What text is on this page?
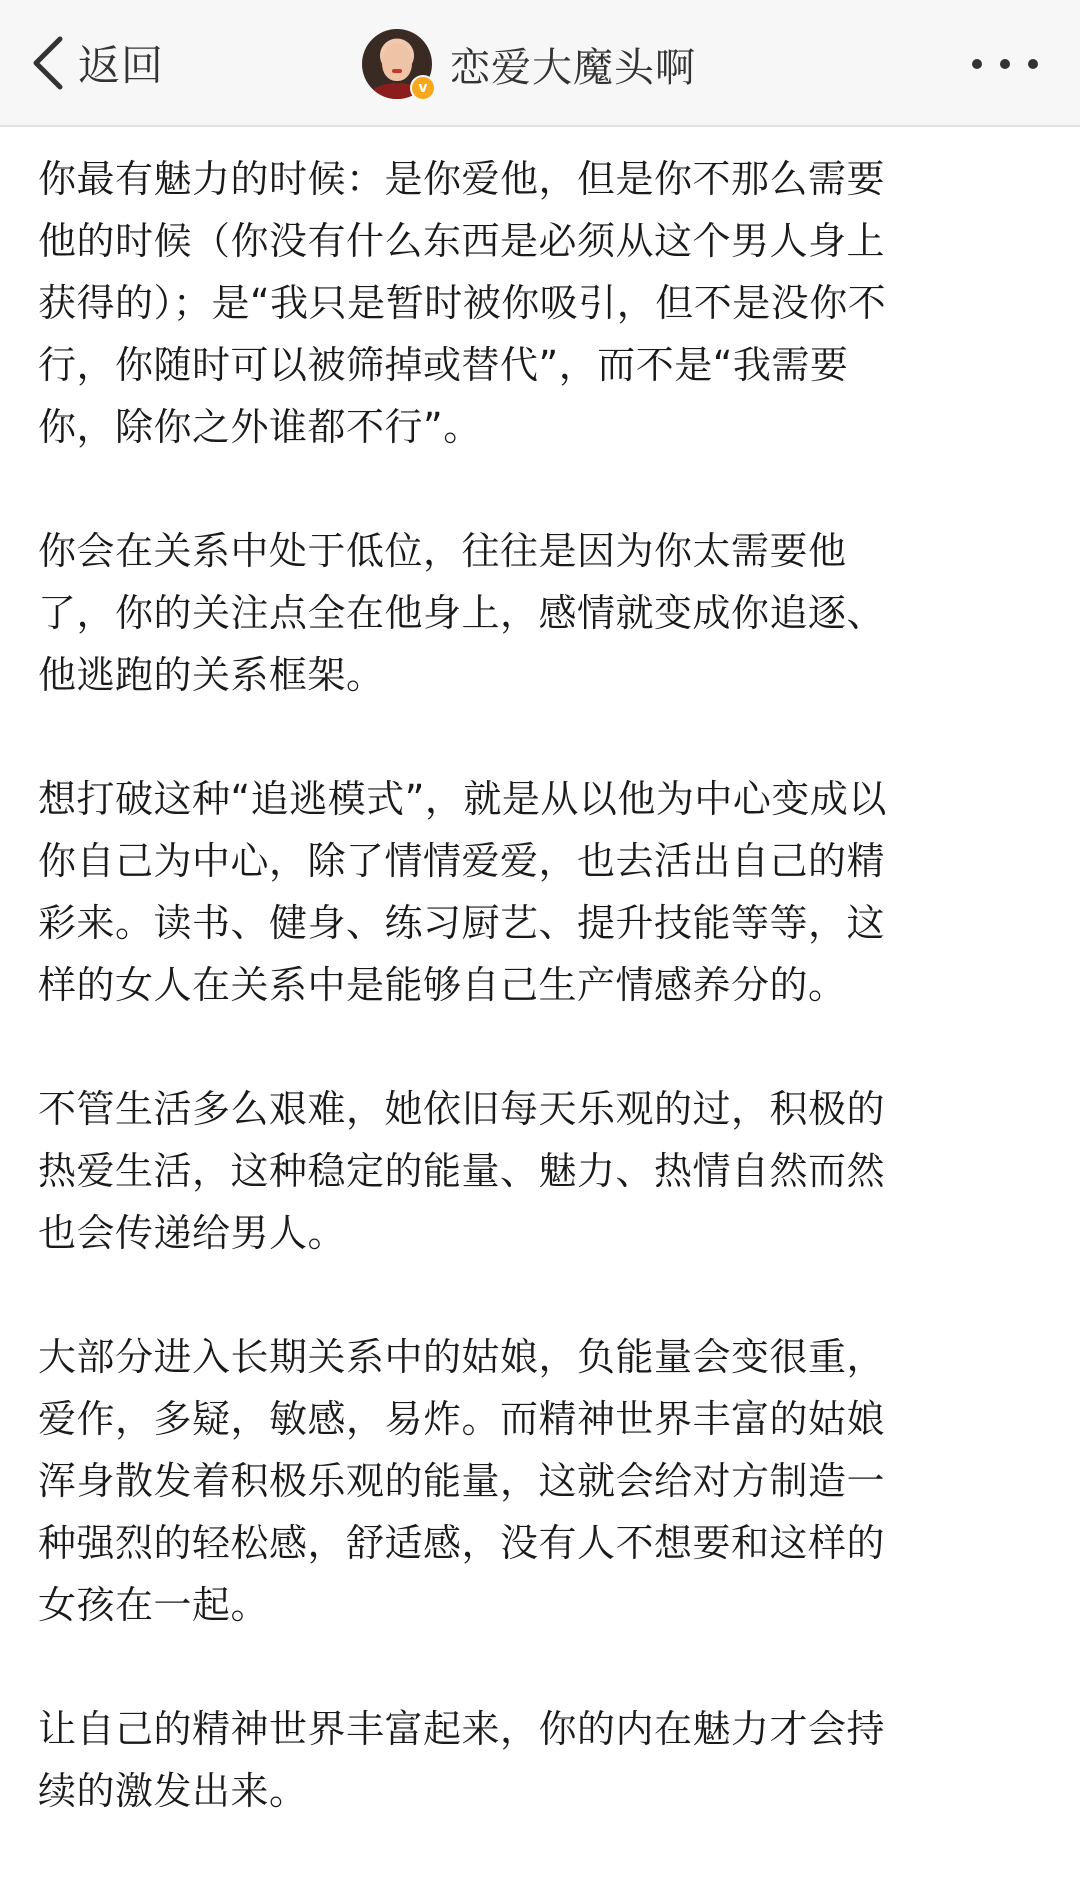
返回	v 恋爱大魔头啊
你最有魅力的时候：是你爱他，但是你不那么需要
他的时候（你没有什么东西是必须从这个男人身上
获得的）；是“我只是暂时被你吸引，但不是没你不
行，你随时可以被筛掉或替代”，而不是“我需要
你，除你之外谁都不行”。
你会在关系中处于低位，往往是因为你太需要他
了，你的关注点全在他身上，感情就变成你追逐、
他逃跑的关系框架。
想打破这种“追逃模式”，就是从以他为中心变成以
你自己为中心，除了情情爱爱，也去活出自己的精
彩来。读书、健身、练习厨艺、提升技能等等，这
样的女人在关系中是能够自己生产情感养分的。
不管生活多么艰难，她依旧每天乐观的过，积极的
热爱生活，这种稳定的能量、魅力、热情自然而然
也会传递给男人。
大部分进入长期关系中的姑娘，负能量会变很重，
爱作，多疑，敏感，易炸。而精神世界丰富的姑娘
浑身散发着积极乐观的能量，这就会给对方制造一
种强烈的轻松感，舒适感，没有人不想要和这样的
女孩在一起。
让自己的精神世界丰富起来，你的内在魅力才会持
续的激发出来。
